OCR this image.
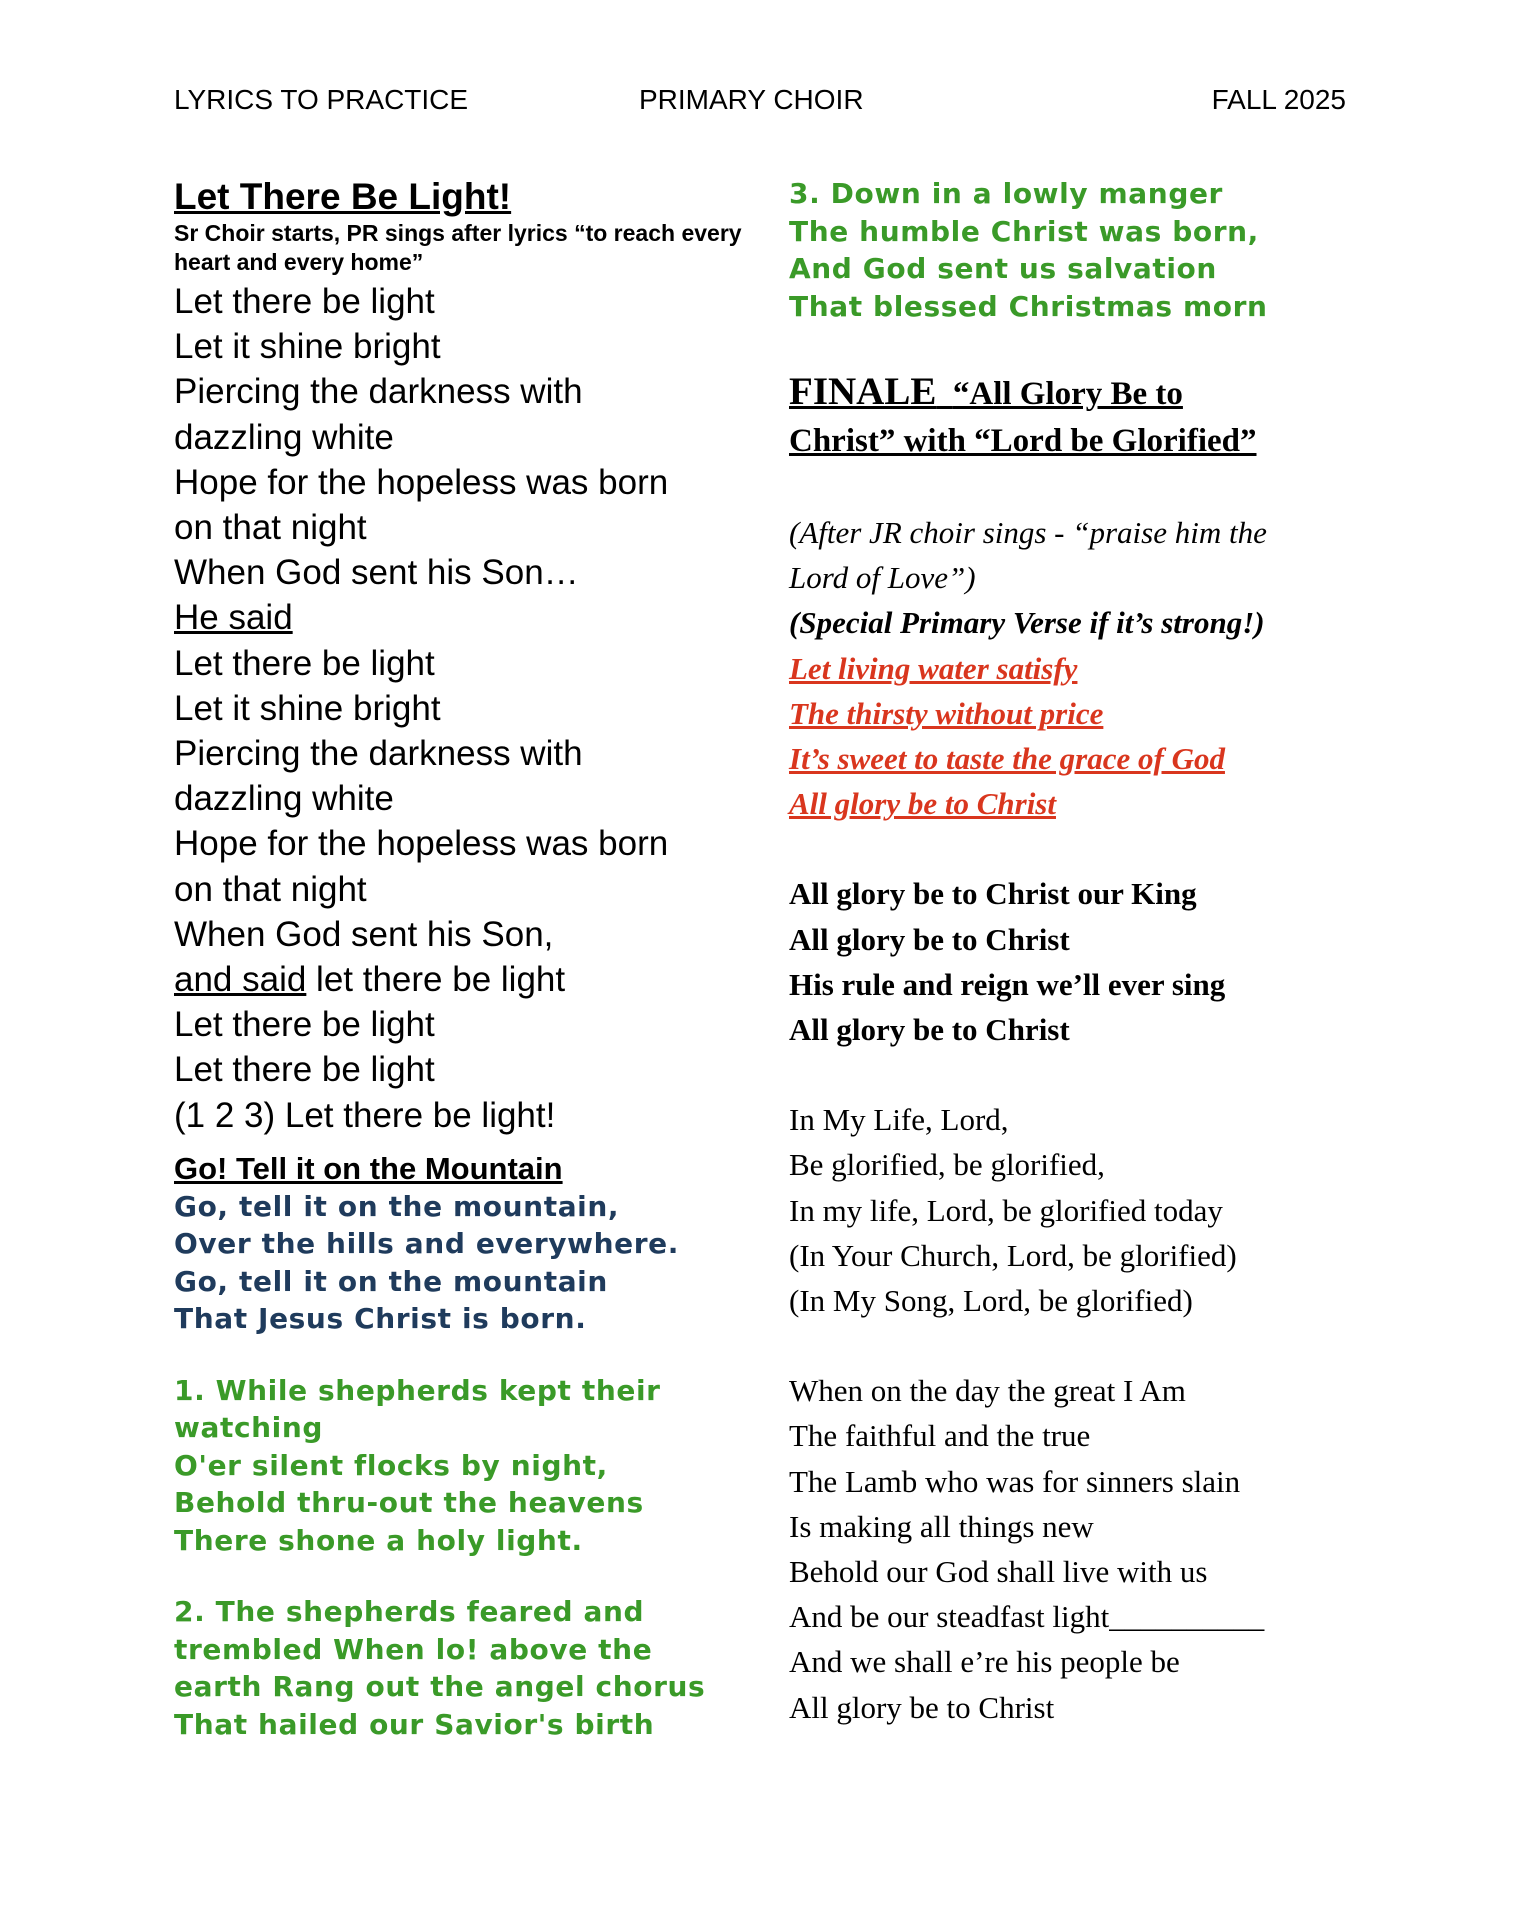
LYRICS TO PRACTICE	PRIMARY CHOIR	FALL 2025
Let There Be Light!
Sr Choir starts, PR sings after lyrics “to reach every heart and every home”
Let there be light
Let it shine bright
Piercing the darkness with
dazzling white
Hope for the hopeless was born
on that night
When God sent his Son…
He said
Let there be light
Let it shine bright
Piercing the darkness with
dazzling white
Hope for the hopeless was born
on that night
When God sent his Son,
and said let there be light
Let there be light
Let there be light
(1 2 3) Let there be light!
Go! Tell it on the Mountain
Go, tell it on the mountain,
Over the hills and everywhere.
Go, tell it on the mountain
That Jesus Christ is born.
1. While shepherds kept their
watching
O'er silent flocks by night,
Behold thru-out the heavens
There shone a holy light.
2. The shepherds feared and
trembled When lo! above the
earth Rang out the angel chorus
That hailed our Savior's birth
3. Down in a lowly manger
The humble Christ was born,
And God sent us salvation
That blessed Christmas morn
FINALE “All Glory Be to
Christ” with “Lord be Glorified”
(After JR choir sings - “praise him the
Lord of Love”)
(Special Primary Verse if it’s strong!)
Let living water satisfy
The thirsty without price
It’s sweet to taste the grace of God
All glory be to Christ
All glory be to Christ our King
All glory be to Christ
His rule and reign we’ll ever sing
All glory be to Christ
In My Life, Lord,
Be glorified, be glorified,
In my life, Lord, be glorified today
(In Your Church, Lord, be glorified)
(In My Song, Lord, be glorified)
When on the day the great I Am
The faithful and the true
The Lamb who was for sinners slain
Is making all things new
Behold our God shall live with us
And be our steadfast light__________
And we shall e’re his people be
All glory be to Christ
